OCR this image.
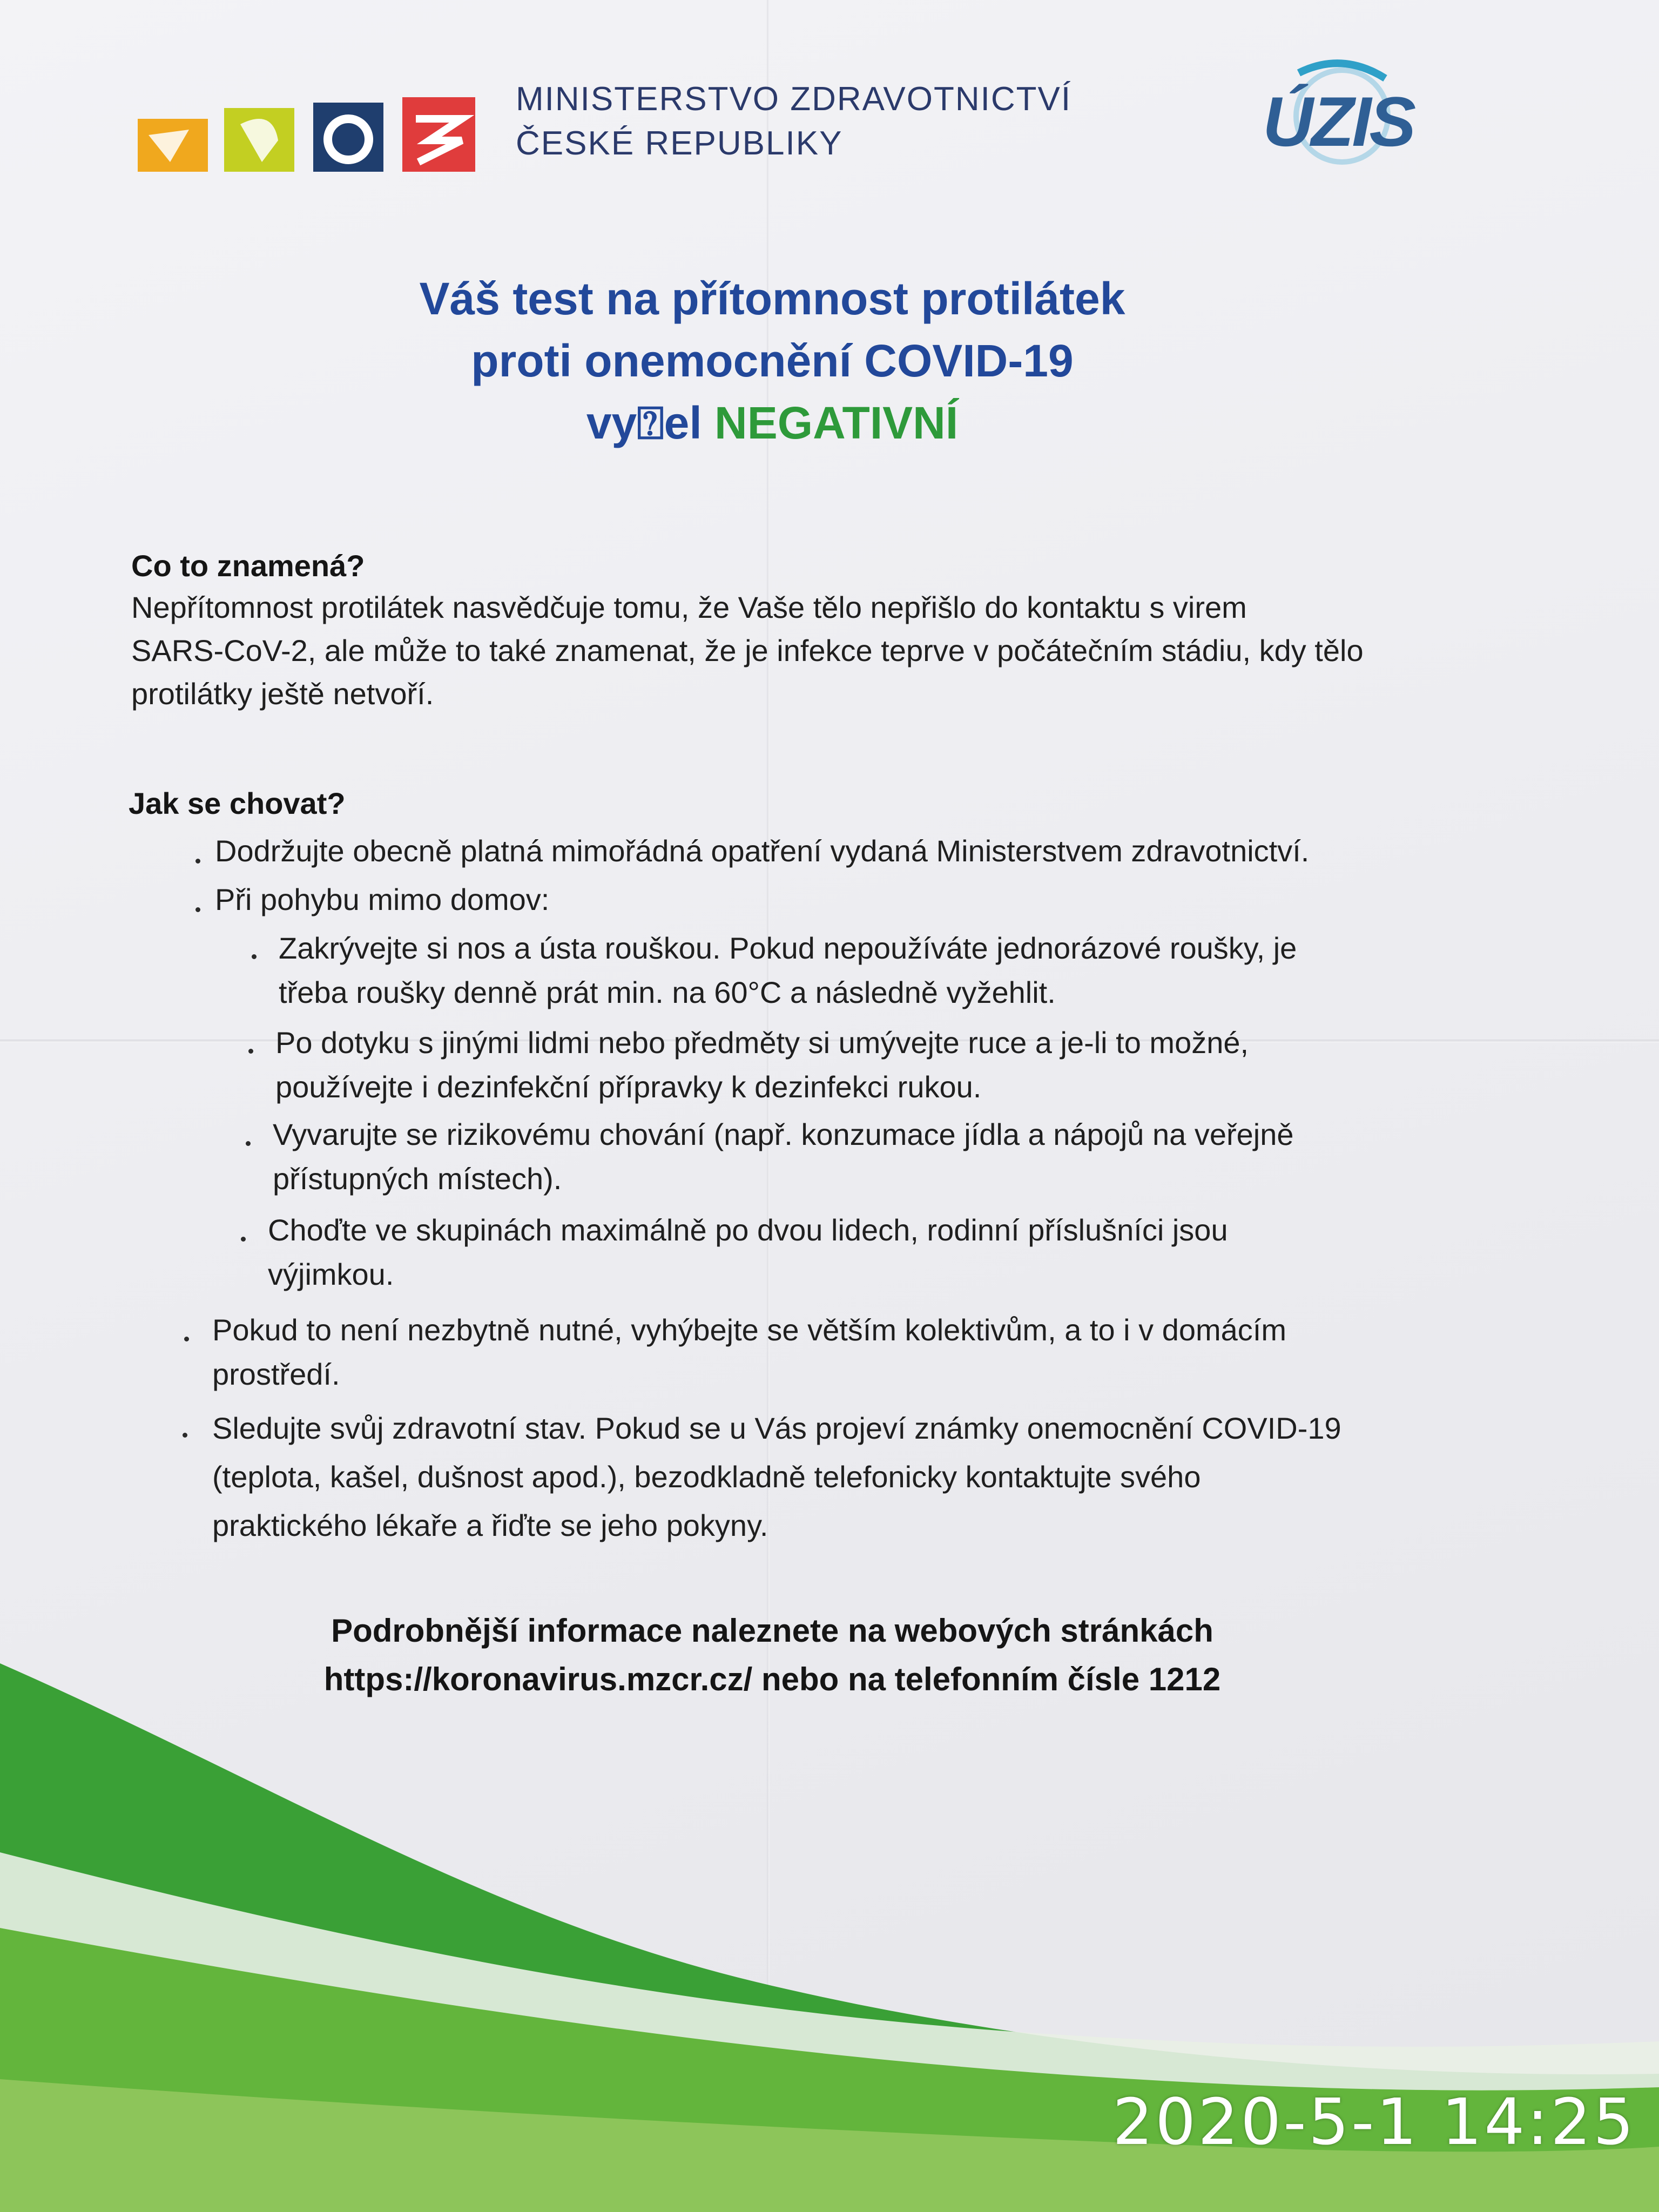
MINISTERSTVO ZDRAVOTNICTVÍ
ČESKÉ REPUBLIKY	ÚZIS
Váš test na přítomnost protilátek
proti onemocnění COVID-19
vy⍰el NEGATIVNÍ
Co to znamená?
Nepřítomnost protilátek nasvědčuje tomu, že Vaše tělo nepřišlo do kontaktu s virem
SARS-CoV-2, ale může to také znamenat, že je infekce teprve v počátečním stádiu, kdy tělo
protilátky ještě netvoří.
Jak se chovat?
Dodržujte obecně platná mimořádná opatření vydaná Ministerstvem zdravotnictví.
Při pohybu mimo domov:
Zakrývejte si nos a ústa rouškou. Pokud nepoužíváte jednorázové roušky, je
třeba roušky denně prát min. na 60°C a následně vyžehlit.
Po dotyku s jinými lidmi nebo předměty si umývejte ruce a je-li to možné,
používejte i dezinfekční přípravky k dezinfekci rukou.
Vyvarujte se rizikovému chování (např. konzumace jídla a nápojů na veřejně
přístupných místech).
Choďte ve skupinách maximálně po dvou lidech, rodinní příslušníci jsou
výjimkou.
Pokud to není nezbytně nutné, vyhýbejte se větším kolektivům, a to i v domácím
prostředí.
Sledujte svůj zdravotní stav. Pokud se u Vás projeví známky onemocnění COVID-19
(teplota, kašel, dušnost apod.), bezodkladně telefonicky kontaktujte svého
praktického lékaře a řiďte se jeho pokyny.
Podrobnější informace naleznete na webových stránkách
https://koronavirus.mzcr.cz/ nebo na telefonním čísle 1212
2020-5-1 14:25
